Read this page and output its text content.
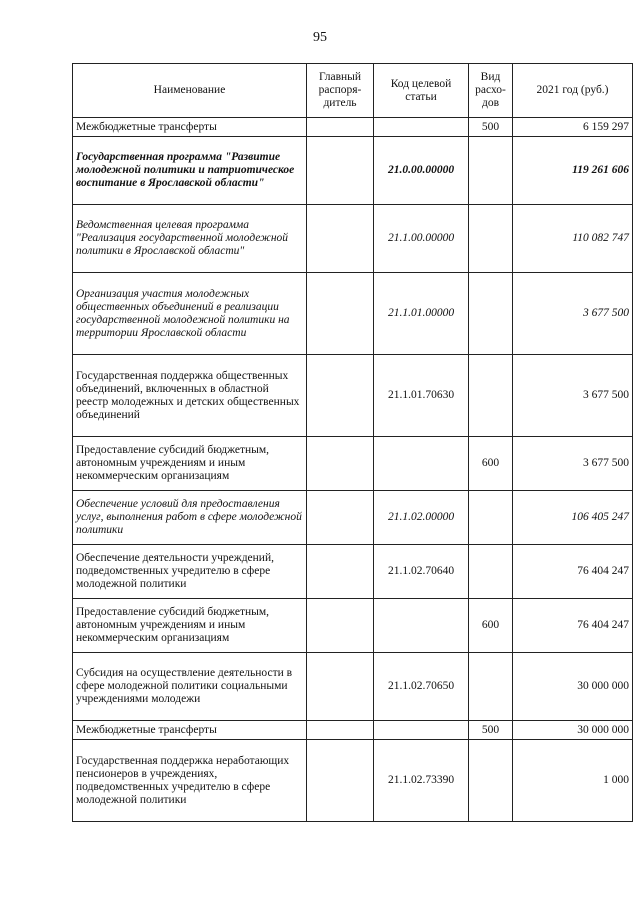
95
Наименование	Главный распоря-дитель	Код целевой статьи	Вид расхо-дов	2021 год (руб.)
Межбюджетные трансферты			500	6 159 297
Государственная программа "Развитие молодежной политики и патриотическое воспитание в Ярославской области"		21.0.00.00000		119 261 606
Ведомственная целевая программа "Реализация государственной молодежной политики в Ярославской области"		21.1.00.00000		110 082 747
Организация участия молодежных общественных объединений в реализации государственной молодежной политики на территории Ярославской области		21.1.01.00000		3 677 500
Государственная поддержка общественных объединений, включенных в областной реестр молодежных и детских общественных объединений		21.1.01.70630		3 677 500
Предоставление субсидий бюджетным, автономным учреждениям и иным некоммерческим организациям			600	3 677 500
Обеспечение условий для предоставления услуг, выполнения работ в сфере молодежной политики		21.1.02.00000		106 405 247
Обеспечение деятельности учреждений, подведомственных учредителю в сфере молодежной политики		21.1.02.70640		76 404 247
Предоставление субсидий бюджетным, автономным учреждениям и иным некоммерческим организациям			600	76 404 247
Субсидия на осуществление деятельности в сфере молодежной политики социальными учреждениями молодежи		21.1.02.70650		30 000 000
Межбюджетные трансферты			500	30 000 000
Государственная поддержка неработающих пенсионеров в учреждениях, подведомственных учредителю в сфере молодежной политики		21.1.02.73390		1 000
